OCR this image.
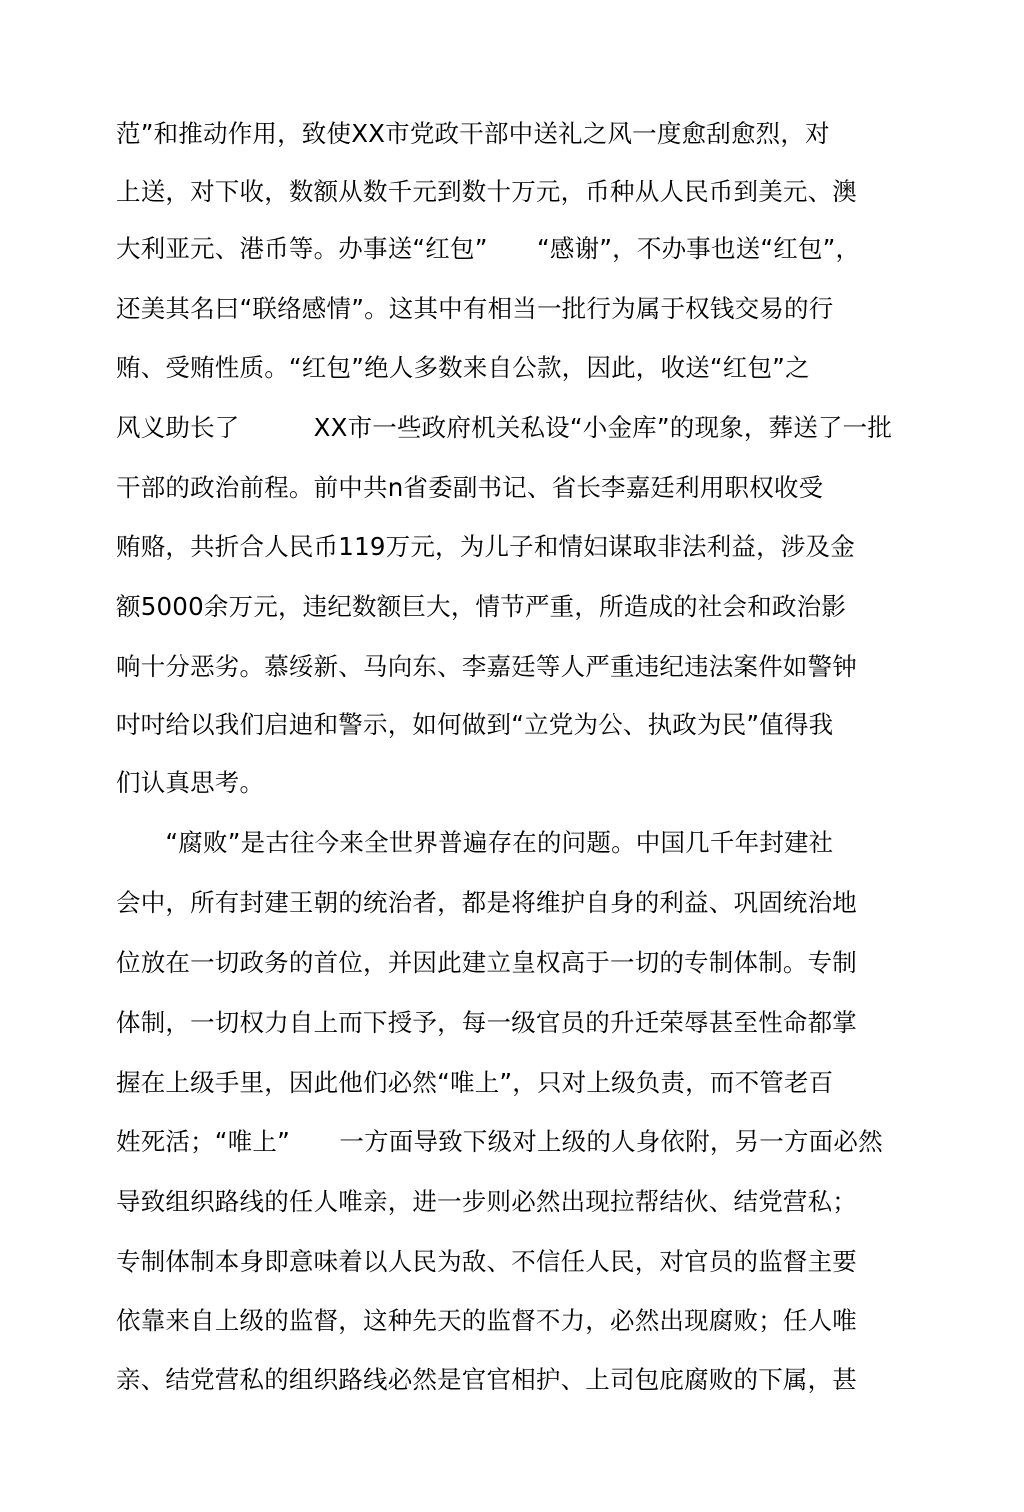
范”和推动作用，致使XX市党政干部中送礼之风一度愈刮愈烈，对
上送，对下收，数额从数千元到数十万元，币种从人民币到美元、澳
大利亚元、港币等。办事送“红包”　　“感谢”，不办事也送“红包”，
还美其名曰“联络感情”。这其中有相当一批行为属于权钱交易的行
贿、受贿性质。“红包”绝人多数来自公款，因此，收送“红包”之
风义助长了　　　XX市一些政府机关私设“小金库”的现象，葬送了一批
干部的政治前程。前中共n省委副书记、省长李嘉廷利用职权收受
贿赂，共折合人民币119万元，为儿子和情妇谋取非法利益，涉及金
额5000余万元，违纪数额巨大，情节严重，所造成的社会和政治影
响十分恶劣。慕绥新、马向东、李嘉廷等人严重违纪违法案件如警钟
吋吋给以我们启迪和警示，如何做到“立党为公、执政为民”值得我
们认真思考。
　　“腐败”是古往今来全世界普遍存在的问题。中国几千年封建社
会中，所有封建王朝的统治者，都是将维护自身的利益、巩固统治地
位放在一切政务的首位，并因此建立皇权高于一切的专制体制。专制
体制，一切权力自上而下授予，每一级官员的升迁荣辱甚至性命都掌
握在上级手里，因此他们必然“唯上”，只对上级负责，而不管老百
姓死活；“唯上”　　一方面导致下级对上级的人身依附，另一方面必然
导致组织路线的任人唯亲，进一步则必然出现拉帮结伙、结党营私；
专制体制本身即意味着以人民为敌、不信任人民，对官员的监督主要
依靠来自上级的监督，这种先天的监督不力，必然出现腐败；任人唯
亲、结党营私的组织路线必然是官官相护、上司包庇腐败的下属，甚
